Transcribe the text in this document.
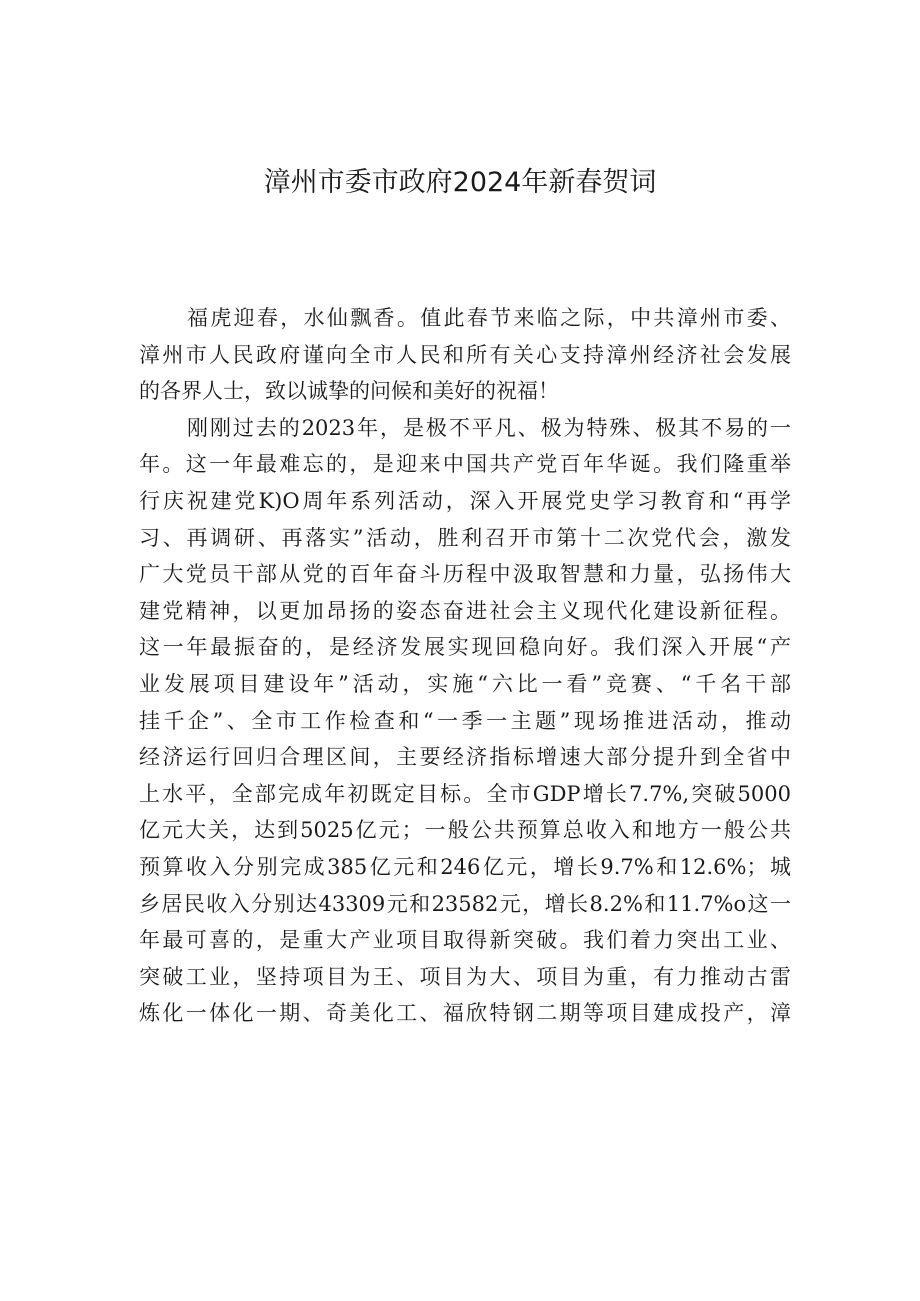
漳州市委市政府2024年新春贺词
福虎迎春，水仙飘香。值此春节来临之际，中共漳州市委、
漳州市人民政府谨向全市人民和所有关心支持漳州经济社会发展
的各界人士，致以诚挚的问候和美好的祝福！
刚刚过去的2023年，是极不平凡、极为特殊、极其不易的一
年。这一年最难忘的，是迎来中国共产党百年华诞。我们隆重举
行庆祝建党K)O周年系列活动，深入开展党史学习教育和“再学
习、再调研、再落实”活动，胜利召开市第十二次党代会，激发
广大党员干部从党的百年奋斗历程中汲取智慧和力量，弘扬伟大
建党精神，以更加昂扬的姿态奋进社会主义现代化建设新征程。
这一年最振奋的，是经济发展实现回稳向好。我们深入开展“产
业发展项目建设年”活动，实施“六比一看”竞赛、“千名干部
挂千企”、全市工作检查和“一季一主题”现场推进活动，推动
经济运行回归合理区间，主要经济指标增速大部分提升到全省中
上水平，全部完成年初既定目标。全市GDP增长7.7%,突破5000
亿元大关，达到5025亿元；一般公共预算总收入和地方一般公共
预算收入分别完成385亿元和246亿元，增长9.7%和12.6%；城
乡居民收入分别达43309元和23582元，增长8.2%和11.7%o这一
年最可喜的，是重大产业项目取得新突破。我们着力突出工业、
突破工业，坚持项目为王、项目为大、项目为重，有力推动古雷
炼化一体化一期、奇美化工、福欣特钢二期等项目建成投产，漳
